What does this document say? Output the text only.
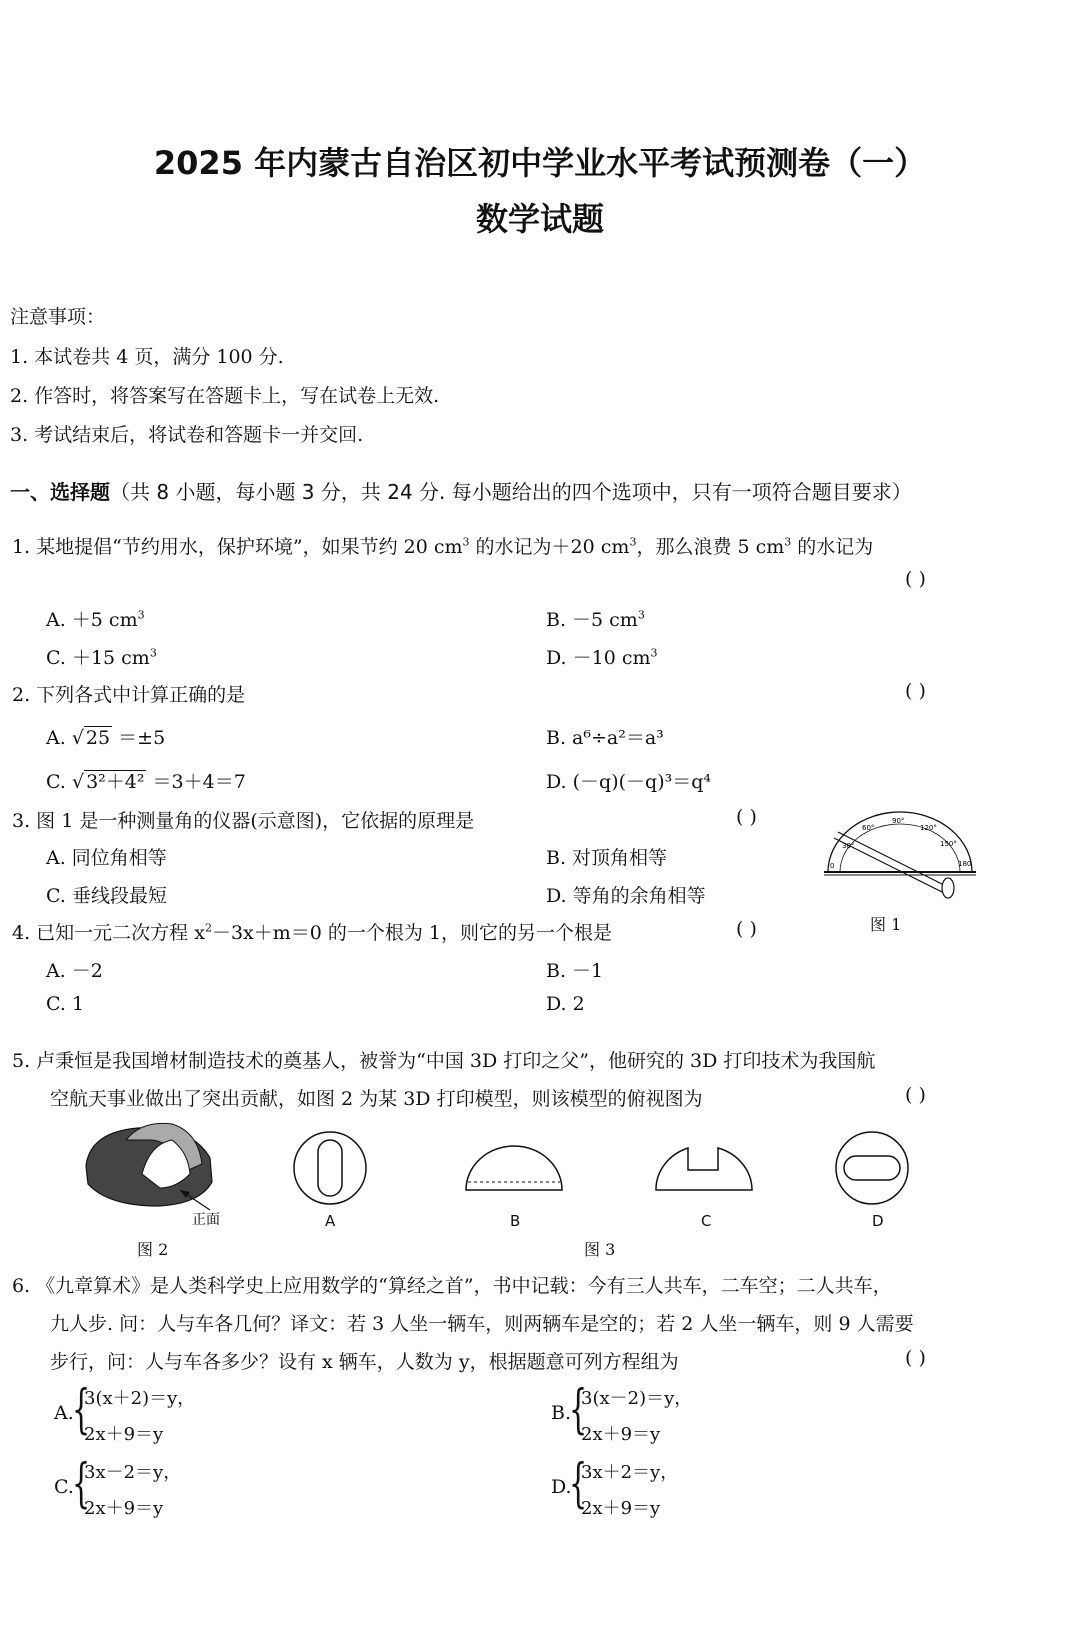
2025 年内蒙古自治区初中学业水平考试预测卷（一）
数学试题
注意事项：
1. 本试卷共 4 页，满分 100 分.
2. 作答时，将答案写在答题卡上，写在试卷上无效.
3. 考试结束后，将试卷和答题卡一并交回.
一、选择题（共 8 小题，每小题 3 分，共 24 分. 每小题给出的四个选项中，只有一项符合题目要求）
1. 某地提倡“节约用水，保护环境”，如果节约 20 $cm^3$ 的水记为＋20 $cm^3$，那么浪费 5 $cm^3$ 的水记为
( )
A. ＋5 $cm^3$	B. －5 $cm^3$
C. ＋15 $cm^3$	D. －10 $cm^3$
2. 下列各式中计算正确的是	( )
A. √ 25 ＝±5	B. a⁶÷a²＝a³
C. √ 3²＋4² ＝3＋4＝7	D. (－q)(－q)³＝q⁴
3. 图 1 是一种测量角的仪器(示意图)，它依据的原理是	( )
A. 同位角相等	B. 对顶角相等
C. 垂线段最短	D. 等角的余角相等
0
30°
60°
90°
120°
150°
180
图 1
4. 已知一元二次方程 $x^2-3x+m=0$ 的一个根为 1，则它的另一个根是	( )
A. －2	B. －1
C. 1	D. 2
5. 卢秉恒是我国增材制造技术的奠基人，被誉为“中国 3D 打印之父”，他研究的 3D 打印技术为我国航
空航天事业做出了突出贡献，如图 2 为某 3D 打印模型，则该模型的俯视图为	( )
正面
图 2
A	B	C	D
图 3
6. 《九章算术》是人类科学史上应用数学的“算经之首”，书中记载：今有三人共车，二车空；二人共车，
九人步. 问：人与车各几何？译文：若 3 人坐一辆车，则两辆车是空的；若 2 人坐一辆车，则 9 人需要
步行，问：人与车各多少？设有 x 辆车，人数为 y，根据题意可列方程组为	( )
A.
{
3(x＋2)＝y，
2x＋9＝y
B.
{
3(x－2)＝y，
2x＋9＝y
C.
{
3x－2＝y，
2x＋9＝y
D.
{
3x＋2＝y，
2x＋9＝y
